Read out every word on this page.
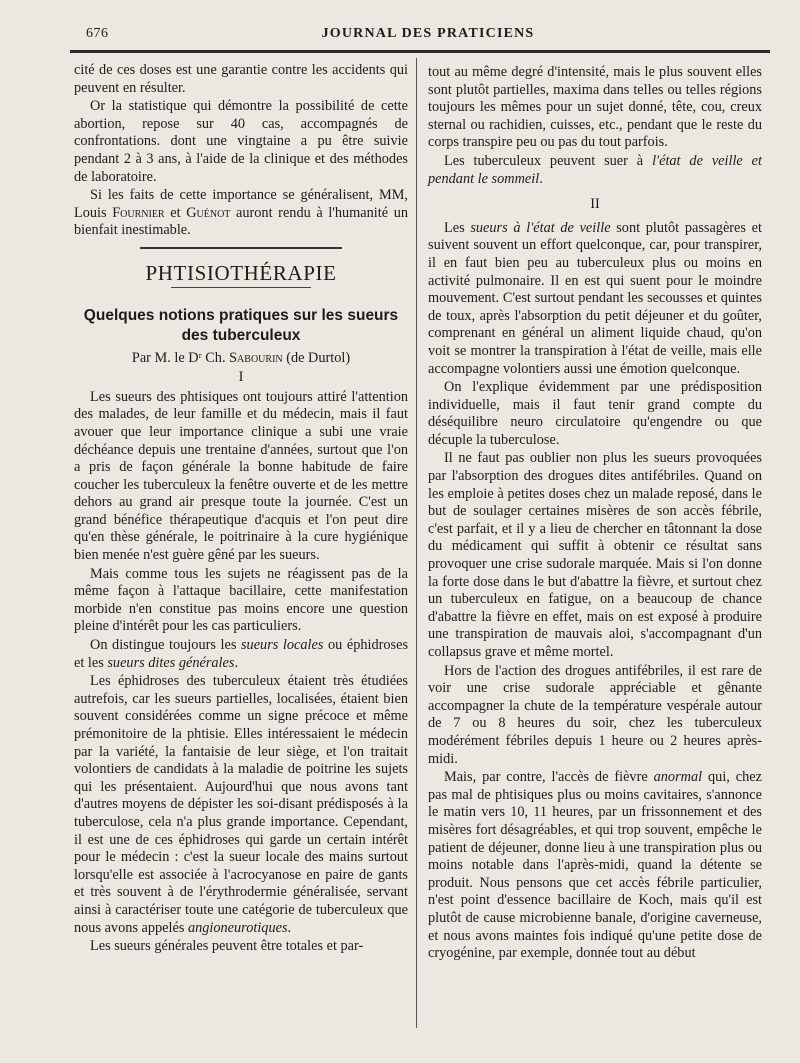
676	JOURNAL DES PRATICIENS

cité de ces doses est une garantie contre les accidents qui peuvent en résulter.

Or la statistique qui démontre la possibilité de cette abortion, repose sur 40 cas, accompagnés de confrontations. dont une vingtaine a pu être suivie pendant 2 à 3 ans, à l'aide de la clinique et des méthodes de laboratoire.

Si les faits de cette importance se généralisent, MM, Louis Fournier et Guénot auront rendu à l'humanité un bienfait inestimable.

PHTISIOTHÉRAPIE
Quelques notions pratiques sur les sueurs
des tuberculeux
Par M. le Dʳ Ch. Sabourin (de Durtol)
I

Les sueurs des phtisiques ont toujours attiré l'attention des malades, de leur famille et du médecin, mais il faut avouer que leur importance clinique a subi une vraie déchéance depuis une trentaine d'années, surtout que l'on a pris de façon générale la bonne habitude de faire coucher les tuberculeux la fenêtre ouverte et de les mettre dehors au grand air presque toute la journée. C'est un grand bénéfice thérapeutique d'acquis et l'on peut dire qu'en thèse générale, le poitrinaire à la cure hygiénique bien menée n'est guère gêné par les sueurs.

Mais comme tous les sujets ne réagissent pas de la même façon à l'attaque bacillaire, cette manifestation morbide n'en constitue pas moins encore une question pleine d'intérêt pour les cas particuliers.

On distingue toujours les sueurs locales ou éphidroses et les sueurs dites générales.

Les éphidroses des tuberculeux étaient très étudiées autrefois, car les sueurs partielles, localisées, étaient bien souvent considérées comme un signe précoce et même prémonitoire de la phtisie. Elles intéressaient le médecin par la variété, la fantaisie de leur siège, et l'on traitait volontiers de candidats à la maladie de poitrine les sujets qui les présentaient. Aujourd'hui que nous avons tant d'autres moyens de dépister les soi-disant prédisposés à la tuberculose, cela n'a plus grande importance. Cependant, il est une de ces éphidroses qui garde un certain intérêt pour le médecin : c'est la sueur locale des mains surtout lorsqu'elle est associée à l'acrocyanose en paire de gants et très souvent à de l'érythrodermie généralisée, servant ainsi à caractériser toute une catégorie de tuberculeux que nous avons appelés angioneurotiques.

Les sueurs générales peuvent être totales et par-

tout au même degré d'intensité, mais le plus souvent elles sont plutôt partielles, maxima dans telles ou telles régions toujours les mêmes pour un sujet donné, tête, cou, creux sternal ou rachidien, cuisses, etc., pendant que le reste du corps transpire peu ou pas du tout parfois.

Les tuberculeux peuvent suer à l'état de veille et pendant le sommeil.

II

Les sueurs à l'état de veille sont plutôt passagères et suivent souvent un effort quelconque, car, pour transpirer, il en faut bien peu au tuberculeux plus ou moins en activité pulmonaire. Il en est qui suent pour le moindre mouvement. C'est surtout pendant les secousses et quintes de toux, après l'absorption du petit déjeuner et du goûter, comprenant en général un aliment liquide chaud, qu'on voit se montrer la transpiration à l'état de veille, mais elle accompagne volontiers aussi une émotion quelconque.

On l'explique évidemment par une prédisposition individuelle, mais il faut tenir grand compte du déséquilibre neuro circulatoire qu'engendre ou que décuple la tuberculose.

Il ne faut pas oublier non plus les sueurs provoquées par l'absorption des drogues dites antifébriles. Quand on les emploie à petites doses chez un malade reposé, dans le but de soulager certaines misères de son accès fébrile, c'est parfait, et il y a lieu de chercher en tâtonnant la dose du médicament qui suffit à obtenir ce résultat sans provoquer une crise sudorale marquée. Mais si l'on donne la forte dose dans le but d'abattre la fièvre, et surtout chez un tuberculeux en fatigue, on a beaucoup de chance d'abattre la fièvre en effet, mais on est exposé à produire une transpiration de mauvais aloi, s'accompagnant d'un collapsus grave et même mortel.

Hors de l'action des drogues antifébriles, il est rare de voir une crise sudorale appréciable et gênante accompagner la chute de la température vespérale autour de 7 ou 8 heures du soir, chez les tuberculeux modérément fébriles depuis 1 heure ou 2 heures après-midi.

Mais, par contre, l'accès de fièvre anormal qui, chez pas mal de phtisiques plus ou moins cavitaires, s'annonce le matin vers 10, 11 heures, par un frissonnement et des misères fort désagréables, et qui trop souvent, empêche le patient de déjeuner, donne lieu à une transpiration plus ou moins notable dans l'après-midi, quand la détente se produit. Nous pensons que cet accès fébrile particulier, n'est point d'essence bacillaire de Koch, mais qu'il est plutôt de cause microbienne banale, d'origine caverneuse, et nous avons maintes fois indiqué qu'une petite dose de cryogénine, par exemple, donnée tout au début
